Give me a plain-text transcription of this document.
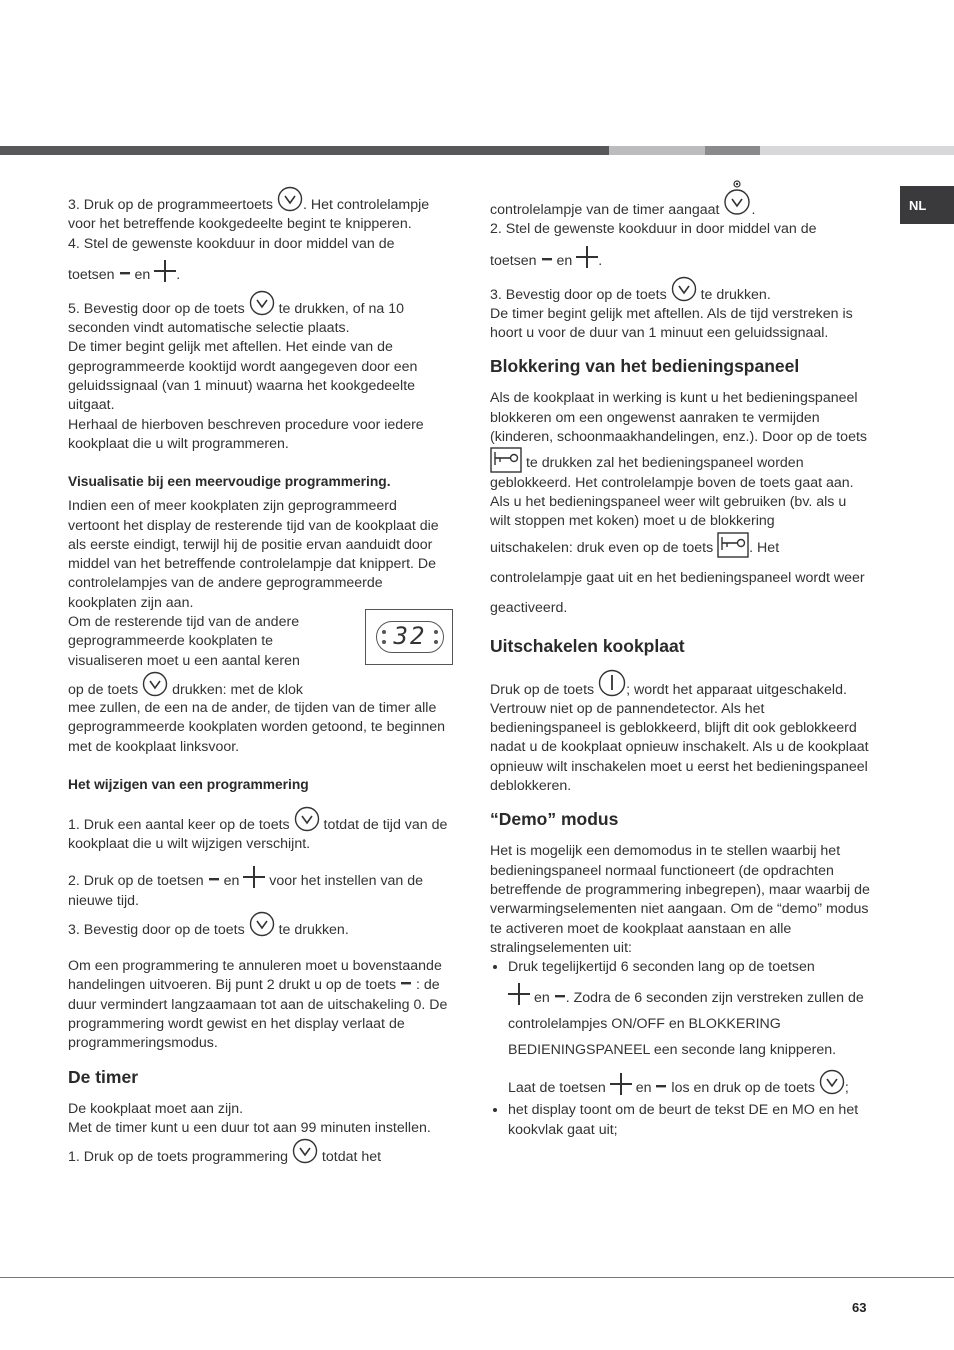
NL

3. Druk op de programmeertoets . Het controlelampje voor het betreffende kookgedeelte begint te knipperen.

4. Stel de gewenste kookduur in door middel van de

toetsen en .

5. Bevestig door op de toets te drukken, of na 10 seconden vindt automatische selectie plaats.

De timer begint gelijk met aftellen. Het einde van de geprogrammeerde kooktijd wordt aangegeven door een geluidssignaal (van 1 minuut) waarna het kookgedeelte uitgaat.

Herhaal de hierboven beschreven procedure voor iedere kookplaat die u wilt programmeren.

Visualisatie bij een meervoudige programmering.

Indien een of meer kookplaten zijn geprogrammeerd vertoont het display de resterende tijd van de kookplaat die als eerste eindigt, terwijl hij de positie ervan aanduidt door middel van het betreffende controlelampje dat knippert. De controlelampjes van de andere geprogrammeerde kookplaten zijn aan.

Om de resterende tijd van de andere geprogrammeerde kookplaten te visualiseren moet u een aantal keren

32

op de toets drukken: met de klok

mee zullen, de een na de ander, de tijden van de timer alle geprogrammeerde kookplaten worden getoond, te beginnen met de kookplaat linksvoor.

Het wijzigen van een programmering

1. Druk een aantal keer op de toets totdat de tijd van de kookplaat die u wilt wijzigen verschijnt.

2. Druk op de toetsen en voor het instellen van de nieuwe tijd.

3. Bevestig door op de toets te drukken.

Om een programmering te annuleren moet u bovenstaande handelingen uitvoeren. Bij punt 2 drukt u op de toets : de duur vermindert langzaamaan tot aan de uitschakeling 0. De programmering wordt gewist en het display verlaat de programmeringsmodus.

De timer

De kookplaat moet aan zijn.

Met de timer kunt u een duur tot aan 99 minuten instellen.

1. Druk op de toets programmering totdat het

controlelampje van de timer aangaat .

2. Stel de gewenste kookduur in door middel van de

toetsen en .

3. Bevestig door op de toets te drukken.

De timer begint gelijk met aftellen. Als de tijd verstreken is hoort u voor de duur van 1 minuut een geluidssignaal.

Blokkering van het bedieningspaneel

Als de kookplaat in werking is kunt u het bedieningspaneel blokkeren om een ongewenst aanraken te vermijden (kinderen, schoonmaakhandelingen, enz.). Door op de toets

te drukken zal het bedieningspaneel worden geblokkeerd. Het controlelampje boven de toets gaat aan.

Als u het bedieningspaneel weer wilt gebruiken (bv. als u wilt stoppen met koken) moet u de blokkering

uitschakelen: druk even op de toets	. Het controlelampje gaat uit en het bedieningspaneel wordt weer geactiveerd.

Uitschakelen kookplaat

Druk op de toets ; wordt het apparaat uitgeschakeld. Vertrouw niet op de pannendetector. Als het bedieningspaneel is geblokkeerd, blijft dit ook geblokkeerd nadat u de kookplaat opnieuw inschakelt. Als u de kookplaat opnieuw wilt inschakelen moet u eerst het bedieningspaneel deblokkeren.

“Demo” modus

Het is mogelijk een demomodus in te stellen waarbij het bedieningspaneel normaal functioneert (de opdrachten betreffende de programmering inbegrepen), maar waarbij de verwarmingselementen niet aangaan. Om de “demo” modus te activeren moet de kookplaat aanstaan en alle stralingselementen uit:

• Druk tegelijkertijd 6 seconden lang op de toetsen
en . Zodra de 6 seconden zijn verstreken zullen de controlelampjes ON/OFF en BLOKKERING BEDIENINGSPANEEL een seconde lang knipperen.
Laat de toetsen en los en druk op de toets ;
• het display toont om de beurt de tekst DE en MO en het kookvlak gaat uit;
63
